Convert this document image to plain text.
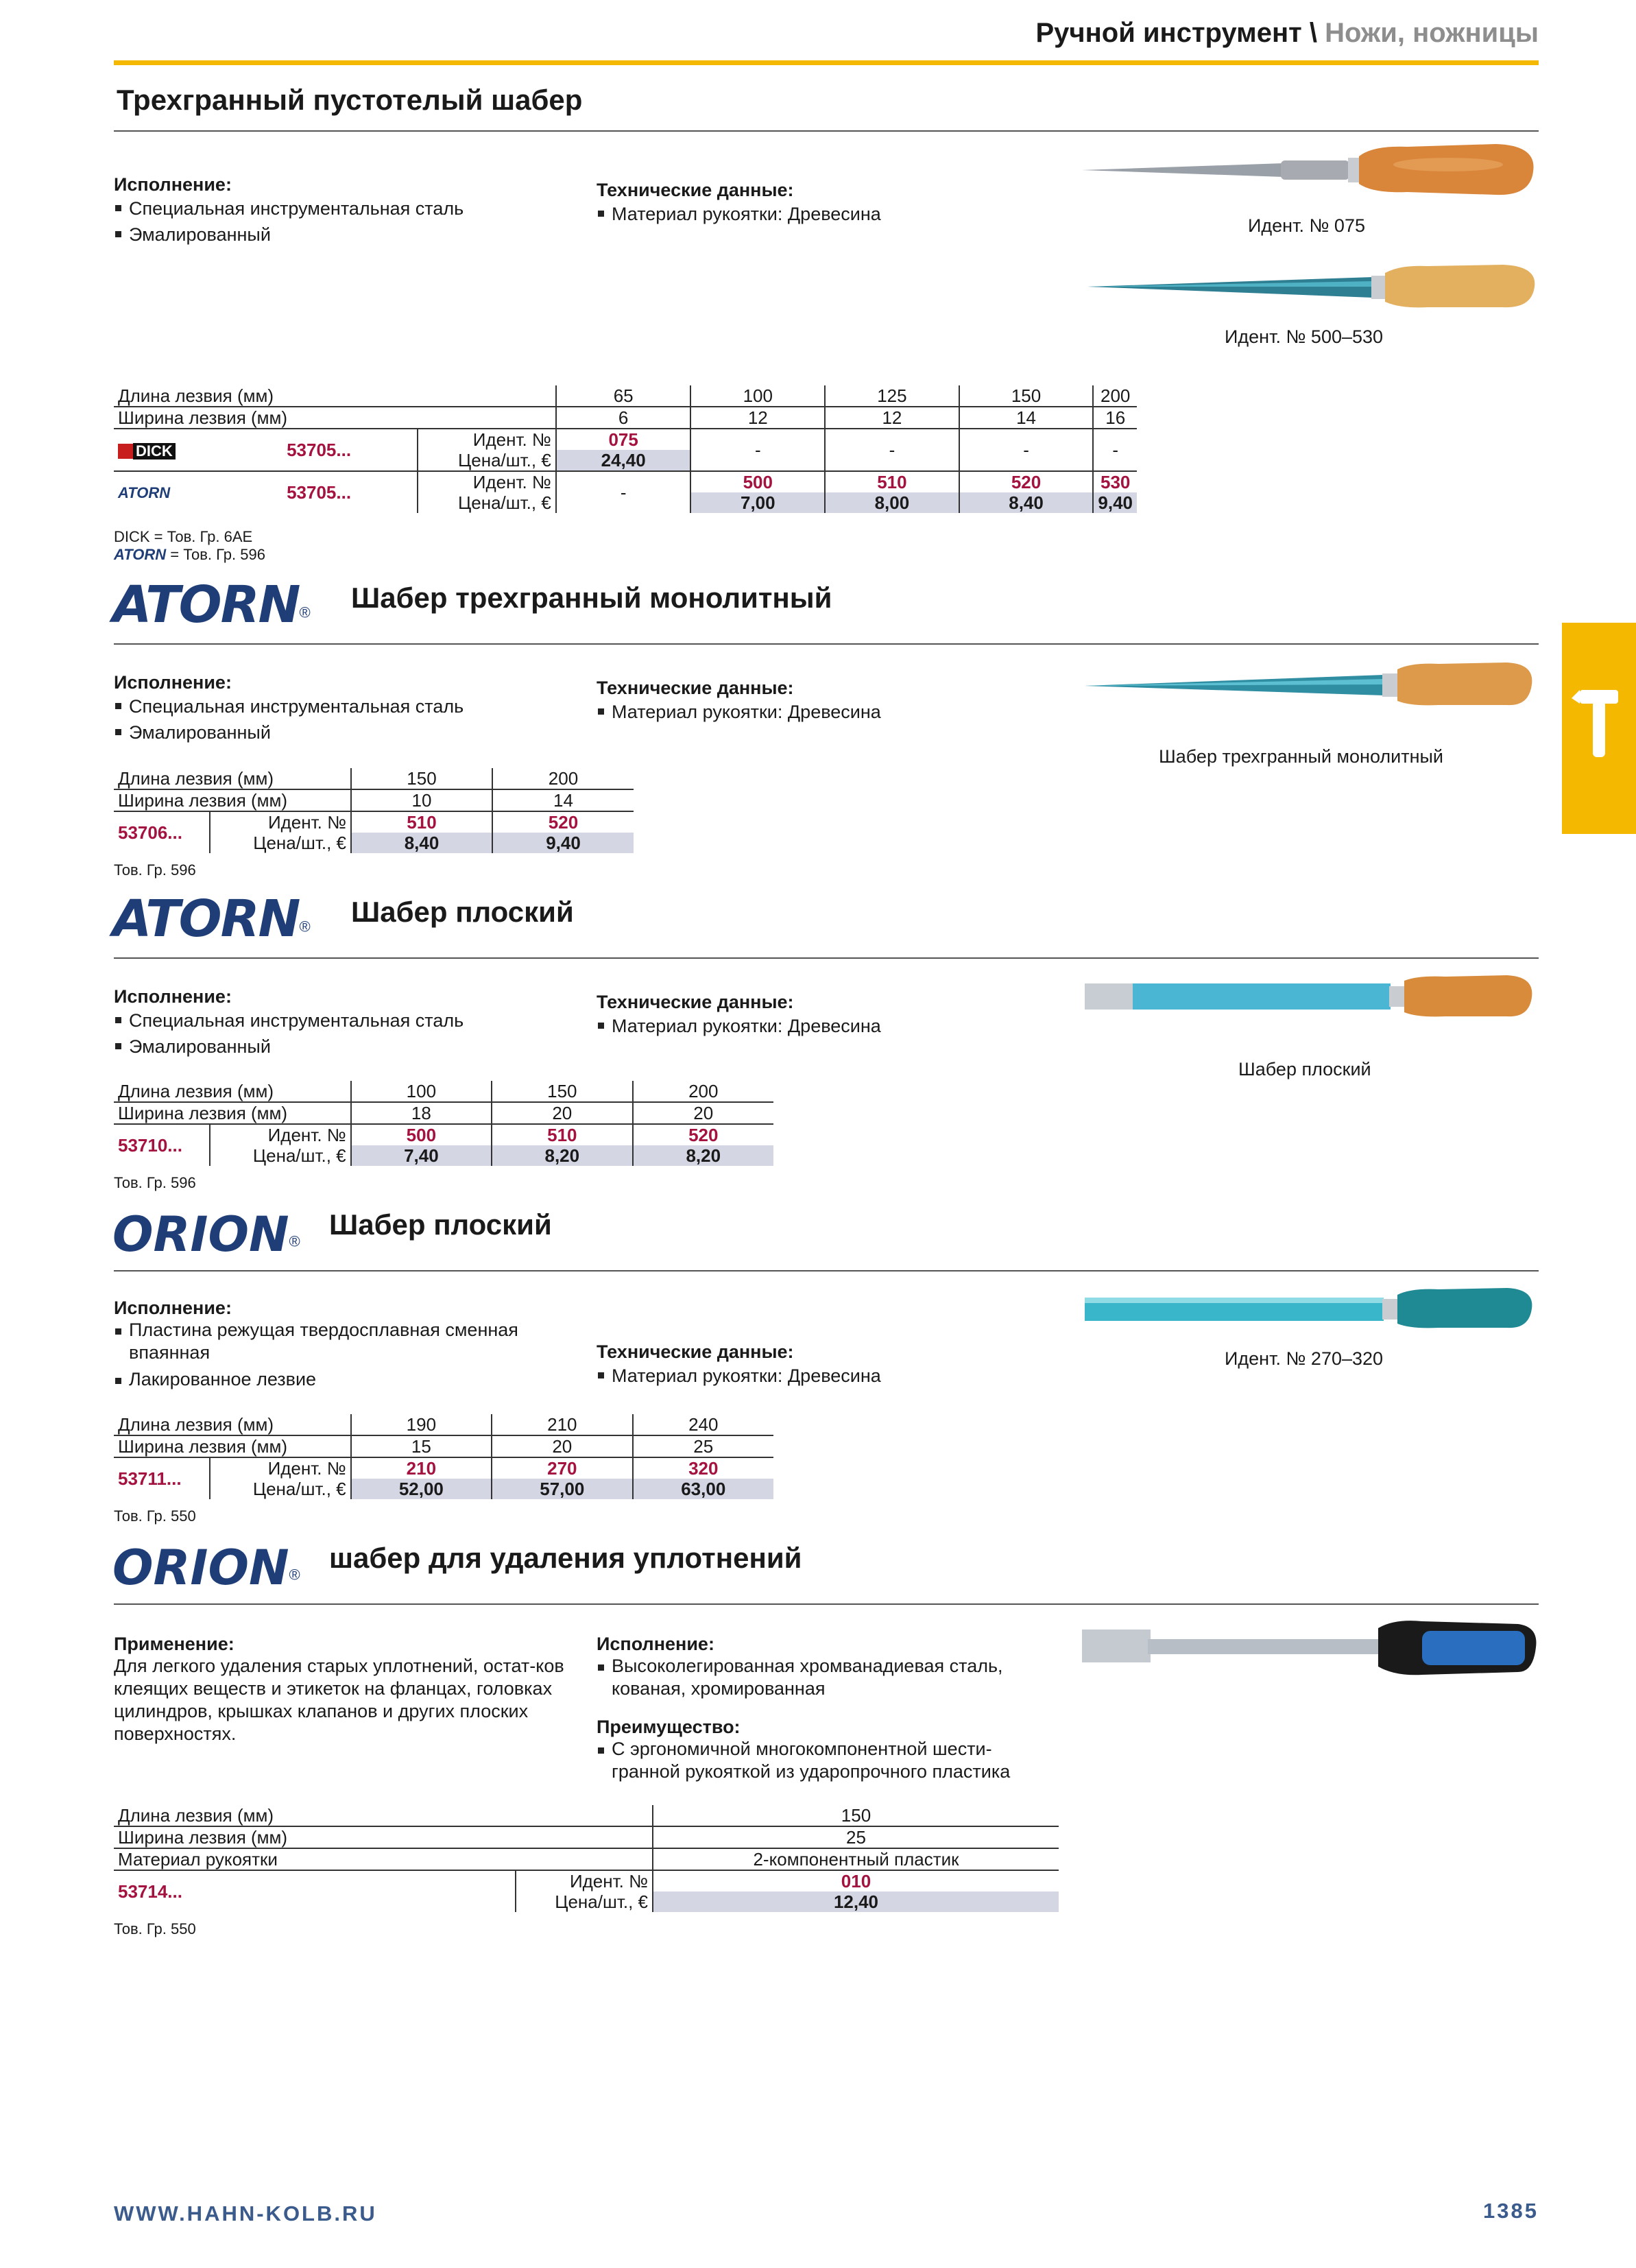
Ручной инструмент \ Ножи, ножницы
Трехгранный пустотелый шабер
Исполнение:
Специальная инструментальная сталь
Эмалированный
Технические данные:
Материал рукоятки: Древесина
Идент. № 075
Идент. № 500–530
Длина лезвия (мм)			65	100	125	150	200
Ширина лезвия (мм)			6	12	12	14	16
DICK	53705...	Идент. №	075	-	-	-	-
		Цена/шт., €	24,40				
ATORN	53705...	Идент. №	-	500	510	520	530
		Цена/шт., €		7,00	8,00	8,40	9,40
DICK = Тов. Гр. 6AE
ATORN = Тов. Гр. 596
ATORN® Шабер трехгранный монолитный
Исполнение:
Специальная инструментальная сталь
Эмалированный
Технические данные:
Материал рукоятки: Древесина
Шабер трехгранный монолитный
Длина лезвия (мм)		150	200
Ширина лезвия (мм)		10	14
53706...	Идент. №	510	520
	Цена/шт., €	8,40	9,40
Тов. Гр. 596
ATORN® Шабер плоский
Исполнение:
Специальная инструментальная сталь
Эмалированный
Технические данные:
Материал рукоятки: Древесина
Шабер плоский
Длина лезвия (мм)		100	150	200
Ширина лезвия (мм)		18	20	20
53710...	Идент. №	500	510	520
	Цена/шт., €	7,40	8,20	8,20
Тов. Гр. 596
ORION®
Шабер плоский
Исполнение:
Пластина режущая твердосплавная сменная впаянная
Лакированное лезвие
Технические данные:
Материал рукоятки: Древесина
Идент. № 270–320
Длина лезвия (мм)		190	210	240
Ширина лезвия (мм)		15	20	25
53711...	Идент. №	210	270	320
	Цена/шт., €	52,00	57,00	63,00
Тов. Гр. 550
ORION®
шабер для удаления уплотнений
Применение:
Для легкого удаления старых уплотнений, остат-ков клеящих веществ и этикеток на фланцах, головках цилиндров, крышках клапанов и других плоских поверхностях.
Исполнение:
Высоколегированная хромванадиевая сталь, кованая, хромированная
Преимущество:
С эргономичной многокомпонентной шести-гранной рукояткой из ударопрочного пластика
Длина лезвия (мм)		150
Ширина лезвия (мм)		25
Материал рукоятки		2-компонентный пластик
53714...	Идент. №	010
	Цена/шт., €	12,40
Тов. Гр. 550
WWW.HAHN-KOLB.RU	1385
